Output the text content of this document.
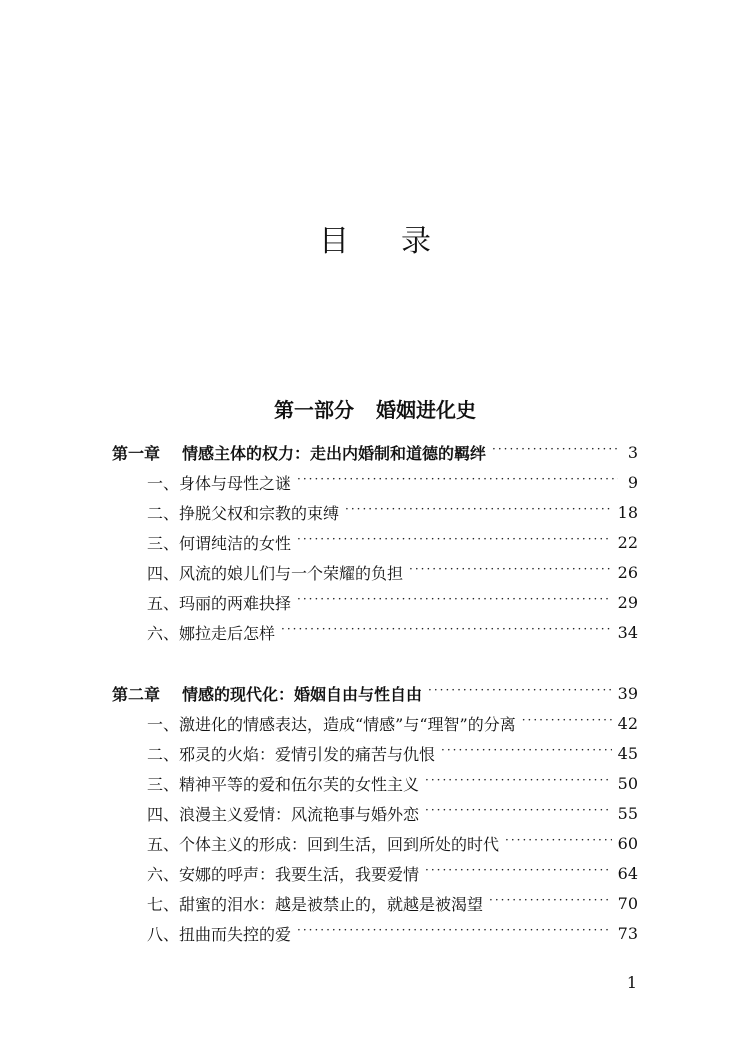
目 录
第一部分 婚姻进化史
第一章 情感主体的权力：走出内婚制和道德的羁绊 ·····	3
一、身体与母性之谜 ·····	9
二、挣脱父权和宗教的束缚 ·····	18
三、何谓纯洁的女性 ·····	22
四、风流的娘儿们与一个荣耀的负担 ·····	26
五、玛丽的两难抉择 ·····	29
六、娜拉走后怎样 ·····	34
第二章 情感的现代化：婚姻自由与性自由 ·····	39
一、激进化的情感表达，造成“情感”与“理智”的分离 ·····	42
二、邪灵的火焰：爱情引发的痛苦与仇恨 ·····	45
三、精神平等的爱和伍尔芙的女性主义 ·····	50
四、浪漫主义爱情：风流艳事与婚外恋 ·····	55
五、个体主义的形成：回到生活，回到所处的时代 ·····	60
六、安娜的呼声：我要生活，我要爱情 ·····	64
七、甜蜜的泪水：越是被禁止的，就越是被渴望 ·····	70
八、扭曲而失控的爱 ·····	73
1
